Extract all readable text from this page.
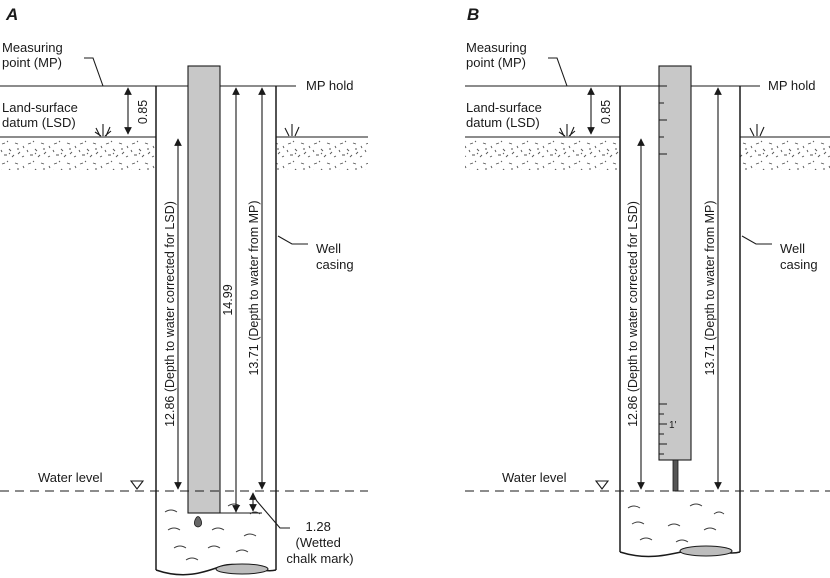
A
Water level
Measuring point (MP)
Land-surface datum (LSD)
MP hold
0.85
12.86 (Depth to water corrected for LSD)	14.99 13.71 (Depth to water from MP)
1.28 (Wetted chalk mark)
Well casing
B
1'
Water level
Measuring point (MP)
Land-surface datum (LSD)
MP hold
0.85
12.86 (Depth to water corrected for LSD)	13.71 (Depth to water from MP)	Well casing
